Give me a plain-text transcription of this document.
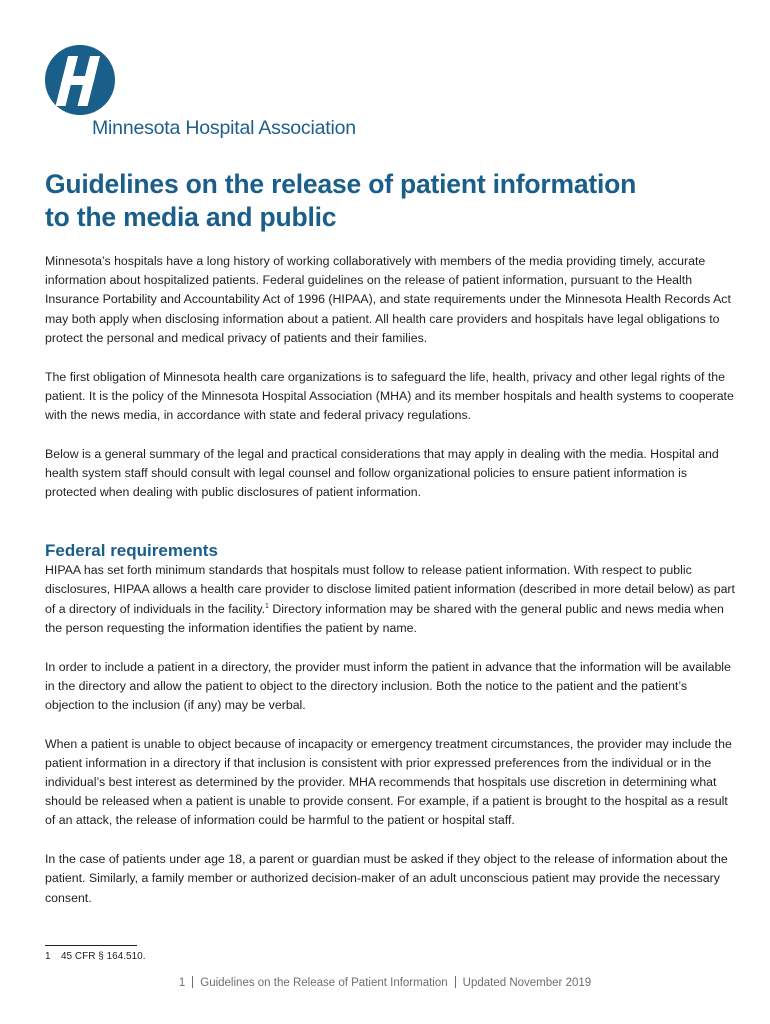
Minnesota Hospital Association
Guidelines on the release of patient information
to the media and public

Minnesota’s hospitals have a long history of working collaboratively with members of the media providing timely, accurate information about hospitalized patients. Federal guidelines on the release of patient information, pursuant to the Health Insurance Portability and Accountability Act of 1996 (HIPAA), and state requirements under the Minnesota Health Records Act may both apply when disclosing information about a patient. All health care providers and hospitals have legal obligations to protect the personal and medical privacy of patients and their families.

The first obligation of Minnesota health care organizations is to safeguard the life, health, privacy and other legal rights of the patient. It is the policy of the Minnesota Hospital Association (MHA) and its member hospitals and health systems to cooperate with the news media, in accordance with state and federal privacy regulations.

Below is a general summary of the legal and practical considerations that may apply in dealing with the media. Hospital and health system staff should consult with legal counsel and follow organizational policies to ensure patient information is protected when dealing with public disclosures of patient information.

Federal requirements

HIPAA has set forth minimum standards that hospitals must follow to release patient information. With respect to public disclosures, HIPAA allows a health care provider to disclose limited patient information (described in more detail below) as part of a directory of individuals in the facility.$^1$ Directory information may be shared with the general public and news media when the person requesting the information identifies the patient by name.

In order to include a patient in a directory, the provider must inform the patient in advance that the information will be available in the directory and allow the patient to object to the directory inclusion. Both the notice to the patient and the patient’s objection to the inclusion (if any) may be verbal.

When a patient is unable to object because of incapacity or emergency treatment circumstances, the provider may include the patient information in a directory if that inclusion is consistent with prior expressed preferences from the individual or in the individual’s best interest as determined by the provider. MHA recommends that hospitals use discretion in determining what should be released when a patient is unable to provide consent. For example, if a patient is brought to the hospital as a result of an attack, the release of information could be harmful to the patient or hospital staff.

In the case of patients under age 18, a parent or guardian must be asked if they object to the release of information about the patient. Similarly, a family member or authorized decision-maker of an adult unconscious patient may provide the necessary consent.

1 45 CFR § 164.510.
1 Guidelines on the Release of Patient Information Updated November 2019
